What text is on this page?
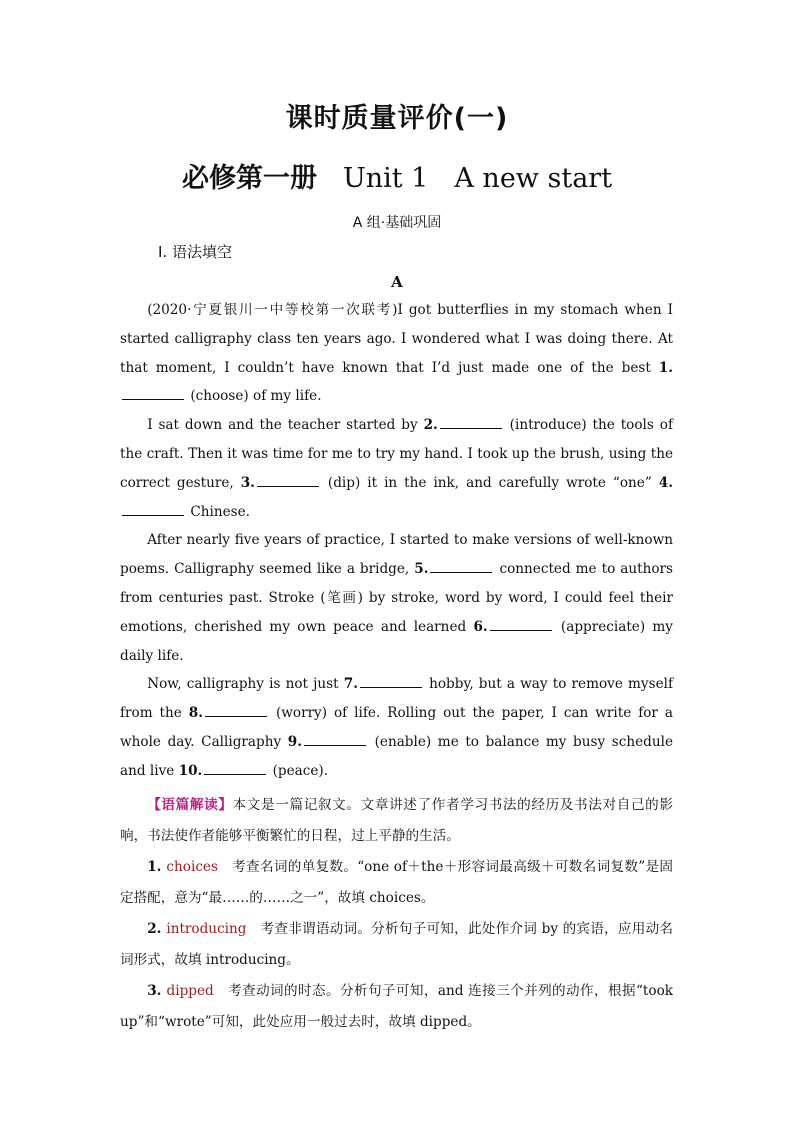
课时质量评价(一)
必修第一册 Unit 1 A new start
A 组·基础巩固
Ⅰ. 语法填空
A

(2020·宁夏银川一中等校第一次联考)I got butterflies in my stomach when I started calligraphy class ten years ago. I wondered what I was doing there. At that moment, I couldn’t have known that I’d just made one of the best 1. (choose) of my life.

I sat down and the teacher started by 2.	(introduce) the tools of the craft. Then it was time for me to try my hand. I took up the brush, using the correct gesture, 3.	(dip) it in the ink, and carefully wrote “one” 4. Chinese.

After nearly five years of practice, I started to make versions of well-known poems. Calligraphy seemed like a bridge, 5.	connected me to authors from centuries past. Stroke (笔画) by stroke, word by word, I could feel their emotions, cherished my own peace and learned 6.	(appreciate) my daily life.

Now, calligraphy is not just 7.	hobby, but a way to remove myself from the 8.	(worry) of life. Rolling out the paper, I can write for a whole day. Calligraphy 9.	(enable) me to balance my busy schedule and live 10.	(peace).

【语篇解读】本文是一篇记叙文。文章讲述了作者学习书法的经历及书法对自己的影响，书法使作者能够平衡繁忙的日程，过上平静的生活。

1. choices　考查名词的单复数。“one of＋the＋形容词最高级＋可数名词复数”是固定搭配，意为“最……的……之一”，故填 choices。

2. introducing　考查非谓语动词。分析句子可知，此处作介词 by 的宾语，应用动名词形式，故填 introducing。

3. dipped　考查动词的时态。分析句子可知，and 连接三个并列的动作，根据“took up”和“wrote”可知，此处应用一般过去时，故填 dipped。
